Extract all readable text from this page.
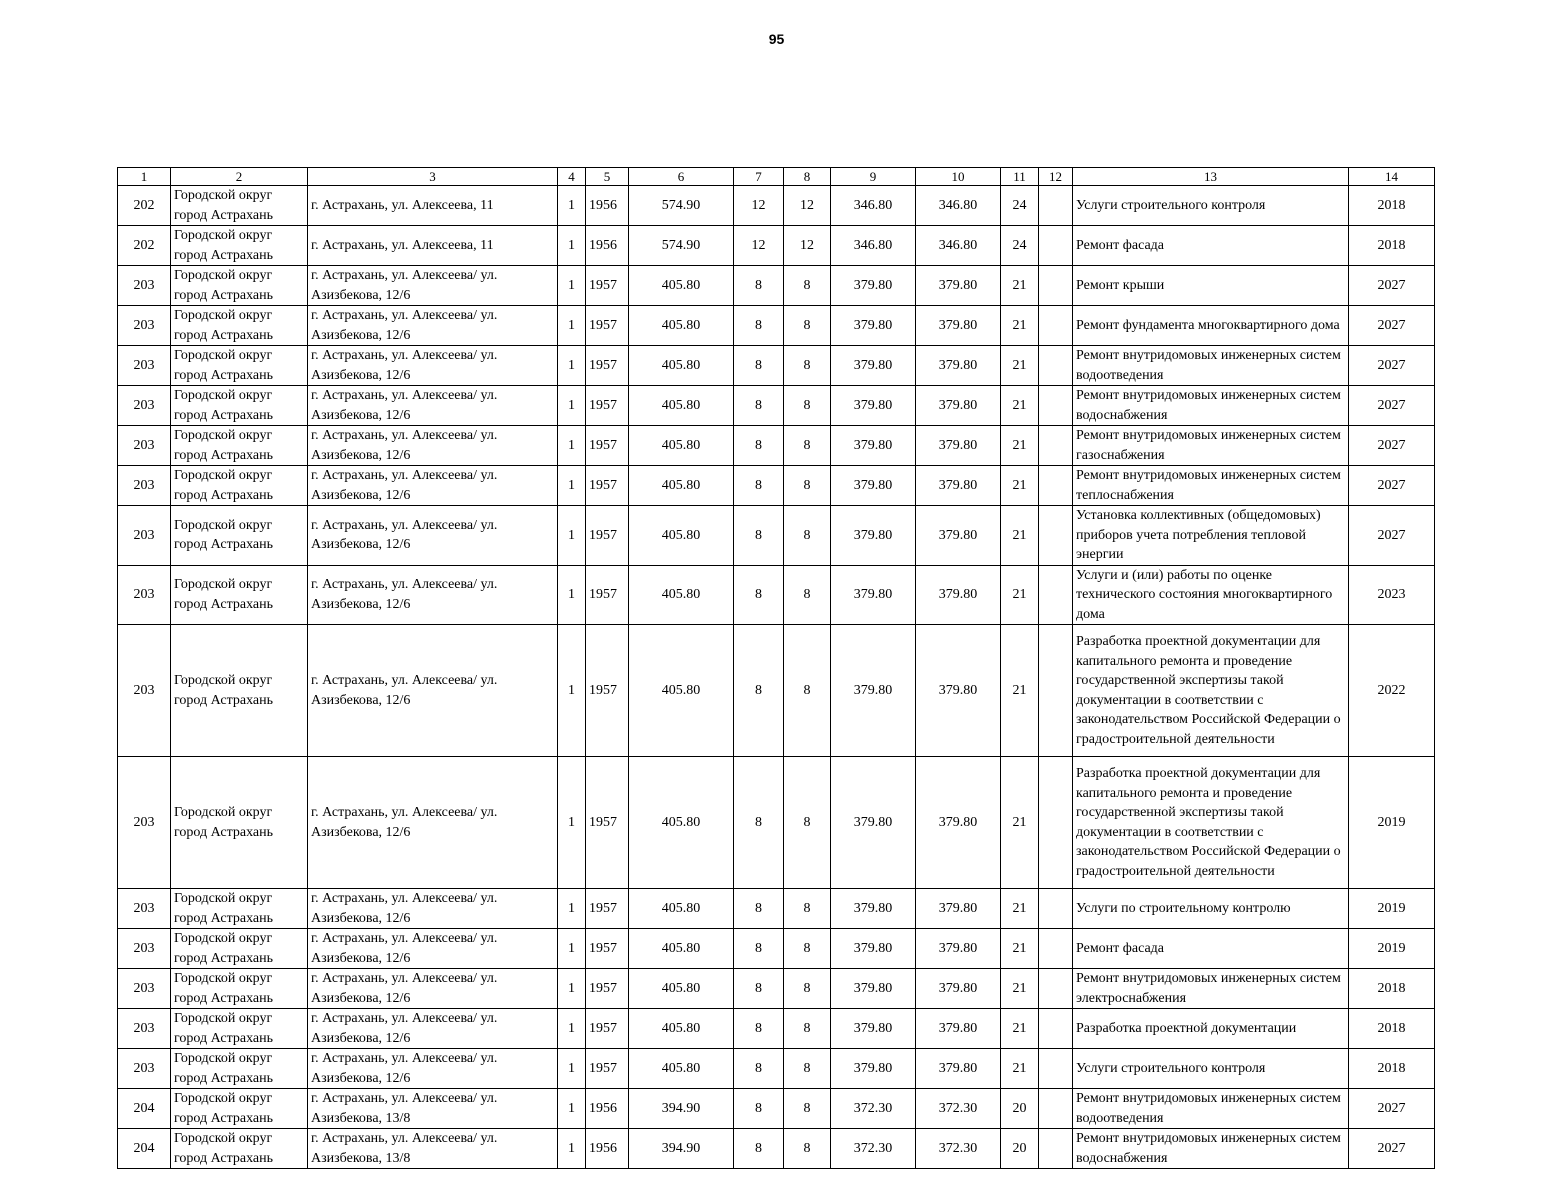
95
1	2	3	4	5	6	7	8	9	10	11	12	13	14
202	Городской округ город Астрахань	г. Астрахань, ул. Алексеева, 11	1	1956	574.90	12	12	346.80	346.80	24		Услуги строительного контроля	2018
202	Городской округ город Астрахань	г. Астрахань, ул. Алексеева, 11	1	1956	574.90	12	12	346.80	346.80	24		Ремонт фасада	2018
203	Городской округ город Астрахань	г. Астрахань, ул. Алексеева/ ул. Азизбекова, 12/6	1	1957	405.80	8	8	379.80	379.80	21		Ремонт крыши	2027
203	Городской округ город Астрахань	г. Астрахань, ул. Алексеева/ ул. Азизбекова, 12/6	1	1957	405.80	8	8	379.80	379.80	21		Ремонт фундамента многоквартирного дома	2027
203	Городской округ город Астрахань	г. Астрахань, ул. Алексеева/ ул. Азизбекова, 12/6	1	1957	405.80	8	8	379.80	379.80	21		Ремонт внутридомовых инженерных систем водоотведения	2027
203	Городской округ город Астрахань	г. Астрахань, ул. Алексеева/ ул. Азизбекова, 12/6	1	1957	405.80	8	8	379.80	379.80	21		Ремонт внутридомовых инженерных систем водоснабжения	2027
203	Городской округ город Астрахань	г. Астрахань, ул. Алексеева/ ул. Азизбекова, 12/6	1	1957	405.80	8	8	379.80	379.80	21		Ремонт внутридомовых инженерных систем газоснабжения	2027
203	Городской округ город Астрахань	г. Астрахань, ул. Алексеева/ ул. Азизбекова, 12/6	1	1957	405.80	8	8	379.80	379.80	21		Ремонт внутридомовых инженерных систем теплоснабжения	2027
203	Городской округ город Астрахань	г. Астрахань, ул. Алексеева/ ул. Азизбекова, 12/6	1	1957	405.80	8	8	379.80	379.80	21		Установка коллективных (общедомовых) приборов учета потребления тепловой энергии	2027
203	Городской округ город Астрахань	г. Астрахань, ул. Алексеева/ ул. Азизбекова, 12/6	1	1957	405.80	8	8	379.80	379.80	21		Услуги и (или) работы по оценке технического состояния многоквартирного дома	2023
203	Городской округ город Астрахань	г. Астрахань, ул. Алексеева/ ул. Азизбекова, 12/6	1	1957	405.80	8	8	379.80	379.80	21		Разработка проектной документации для капитального ремонта и проведение государственной экспертизы такой документации в соответствии с законодательством Российской Федерации о градостроительной деятельности	2022
203	Городской округ город Астрахань	г. Астрахань, ул. Алексеева/ ул. Азизбекова, 12/6	1	1957	405.80	8	8	379.80	379.80	21		Разработка проектной документации для капитального ремонта и проведение государственной экспертизы такой документации в соответствии с законодательством Российской Федерации о градостроительной деятельности	2019
203	Городской округ город Астрахань	г. Астрахань, ул. Алексеева/ ул. Азизбекова, 12/6	1	1957	405.80	8	8	379.80	379.80	21		Услуги по строительному контролю	2019
203	Городской округ город Астрахань	г. Астрахань, ул. Алексеева/ ул. Азизбекова, 12/6	1	1957	405.80	8	8	379.80	379.80	21		Ремонт фасада	2019
203	Городской округ город Астрахань	г. Астрахань, ул. Алексеева/ ул. Азизбекова, 12/6	1	1957	405.80	8	8	379.80	379.80	21		Ремонт внутридомовых инженерных систем электроснабжения	2018
203	Городской округ город Астрахань	г. Астрахань, ул. Алексеева/ ул. Азизбекова, 12/6	1	1957	405.80	8	8	379.80	379.80	21		Разработка проектной документации	2018
203	Городской округ город Астрахань	г. Астрахань, ул. Алексеева/ ул. Азизбекова, 12/6	1	1957	405.80	8	8	379.80	379.80	21		Услуги строительного контроля	2018
204	Городской округ город Астрахань	г. Астрахань, ул. Алексеева/ ул. Азизбекова, 13/8	1	1956	394.90	8	8	372.30	372.30	20		Ремонт внутридомовых инженерных систем водоотведения	2027
204	Городской округ город Астрахань	г. Астрахань, ул. Алексеева/ ул. Азизбекова, 13/8	1	1956	394.90	8	8	372.30	372.30	20		Ремонт внутридомовых инженерных систем водоснабжения	2027
